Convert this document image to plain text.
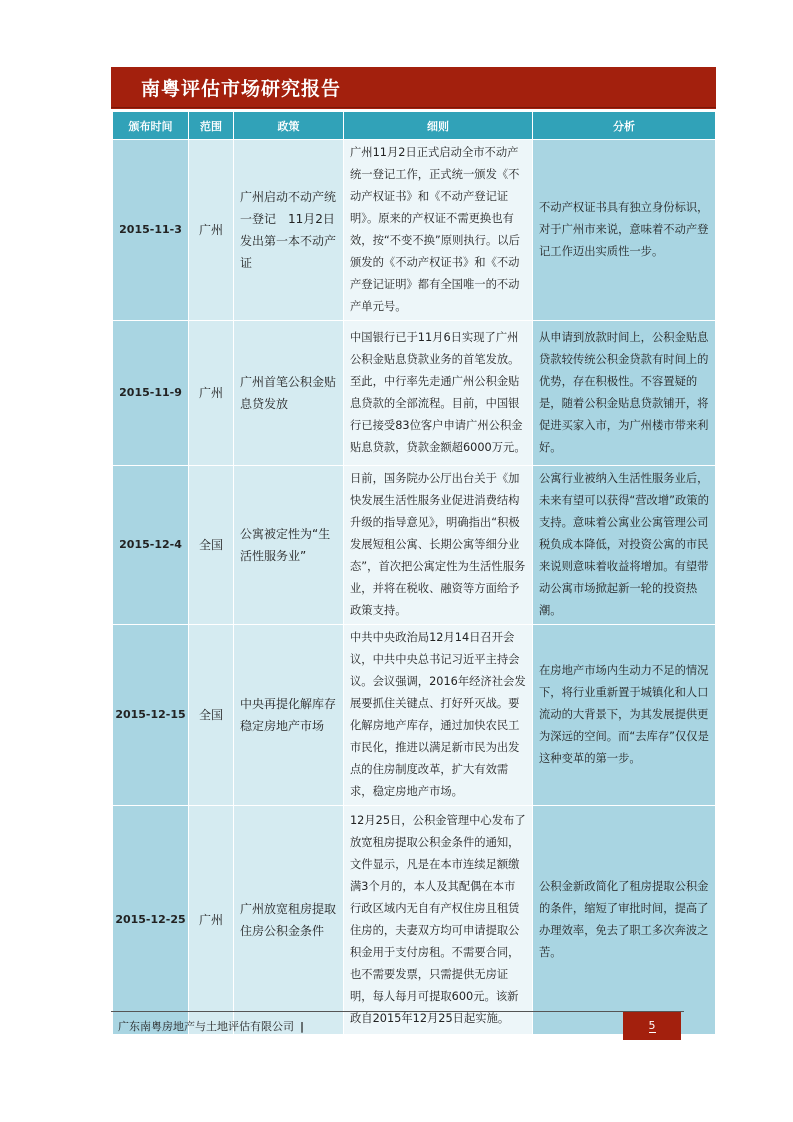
南粤评估市场研究报告
颁布时间	范围	政策	细则	分析
2015-11-3	广州	广州启动不动产统一登记　11月2日发出第一本不动产证	广州11月2日正式启动全市不动产统一登记工作，正式统一颁发《不动产权证书》和《不动产登记证明》。原来的产权证不需更换也有效，按“不变不换”原则执行。以后颁发的《不动产权证书》和《不动产登记证明》都有全国唯一的不动产单元号。	不动产权证书具有独立身份标识，对于广州市来说，意味着不动产登记工作迈出实质性一步。
2015-11-9	广州	广州首笔公积金贴息贷发放	中国银行已于11月6日实现了广州公积金贴息贷款业务的首笔发放。至此，中行率先走通广州公积金贴息贷款的全部流程。目前，中国银行已接受83位客户申请广州公积金贴息贷款，贷款金额超6000万元。	从申请到放款时间上，公积金贴息贷款较传统公积金贷款有时间上的优势，存在积极性。不容置疑的是，随着公积金贴息贷款铺开，将促进买家入市，为广州楼市带来利好。
2015-12-4	全国	公寓被定性为“生活性服务业”	日前，国务院办公厅出台关于《加快发展生活性服务业促进消费结构升级的指导意见》，明确指出“积极发展短租公寓、长期公寓等细分业态”，首次把公寓定性为生活性服务业，并将在税收、融资等方面给予政策支持。	公寓行业被纳入生活性服务业后，未来有望可以获得“营改增”政策的支持。意味着公寓业公寓管理公司税负成本降低，对投资公寓的市民来说则意味着收益将增加。有望带动公寓市场掀起新一轮的投资热潮。
2015-12-15	全国	中央再提化解库存稳定房地产市场	中共中央政治局12月14日召开会议，中共中央总书记习近平主持会议。会议强调，2016年经济社会发展要抓住关键点、打好歼灭战。要化解房地产库存，通过加快农民工市民化，推进以满足新市民为出发点的住房制度改革，扩大有效需求，稳定房地产市场。	在房地产市场内生动力不足的情况下，将行业重新置于城镇化和人口流动的大背景下，为其发展提供更为深远的空间。而“去库存”仅仅是这种变革的第一步。
2015-12-25	广州	广州放宽租房提取住房公积金条件	12月25日，公积金管理中心发布了放宽租房提取公积金条件的通知，文件显示，凡是在本市连续足额缴满3个月的，本人及其配偶在本市行政区域内无自有产权住房且租赁住房的，夫妻双方均可申请提取公积金用于支付房租。不需要合同，也不需要发票，只需提供无房证明，每人每月可提取600元。该新政自2015年12月25日起实施。	公积金新政简化了租房提取公积金的条件，缩短了审批时间，提高了办理效率，免去了职工多次奔波之苦。
广东南粤房地产与土地评估有限公司 |	5
